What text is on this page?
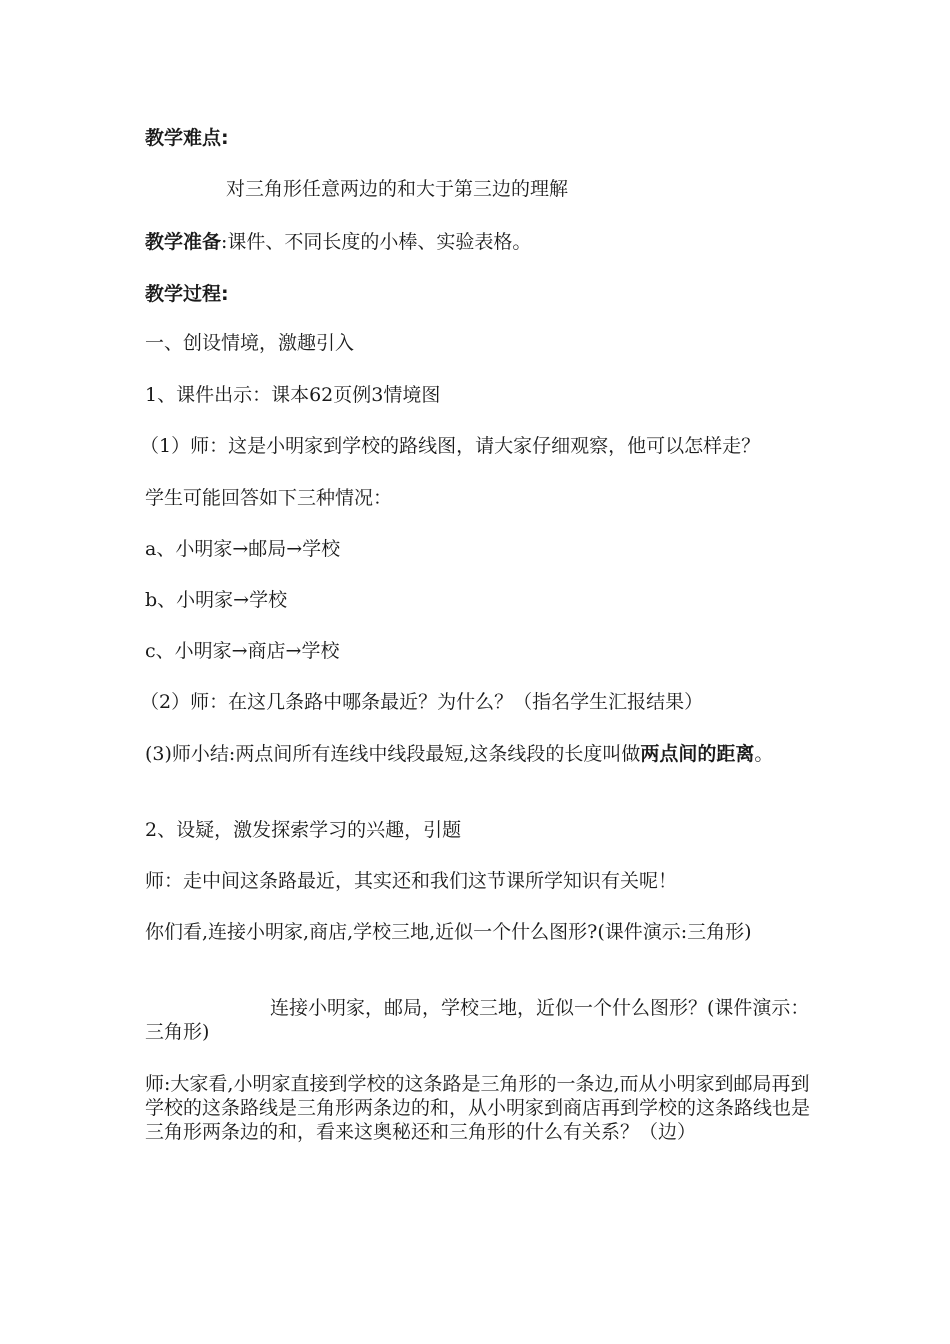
教学难点:
对三角形任意两边的和大于第三边的理解
教学准备:课件、不同长度的小棒、实验表格。
教学过程:
一、创设情境，激趣引入
1、课件出示：课本62页例3情境图
（1）师：这是小明家到学校的路线图，请大家仔细观察，他可以怎样走？
学生可能回答如下三种情况：
a、小明家→邮局→学校
b、小明家→学校
c、小明家→商店→学校
（2）师：在这几条路中哪条最近？为什么？（指名学生汇报结果）
(3)师小结:两点间所有连线中线段最短,这条线段的长度叫做两点间的距离。
2、设疑，激发探索学习的兴趣，引题
师：走中间这条路最近，其实还和我们这节课所学知识有关呢！
你们看,连接小明家,商店,学校三地,近似一个什么图形?(课件演示:三角形)
连接小明家，邮局，学校三地，近似一个什么图形？(课件演示：三角形)
师:大家看,小明家直接到学校的这条路是三角形的一条边,而从小明家到邮局再到学校的这条路线是三角形两条边的和，从小明家到商店再到学校的这条路线也是三角形两条边的和，看来这奥秘还和三角形的什么有关系？（边）
